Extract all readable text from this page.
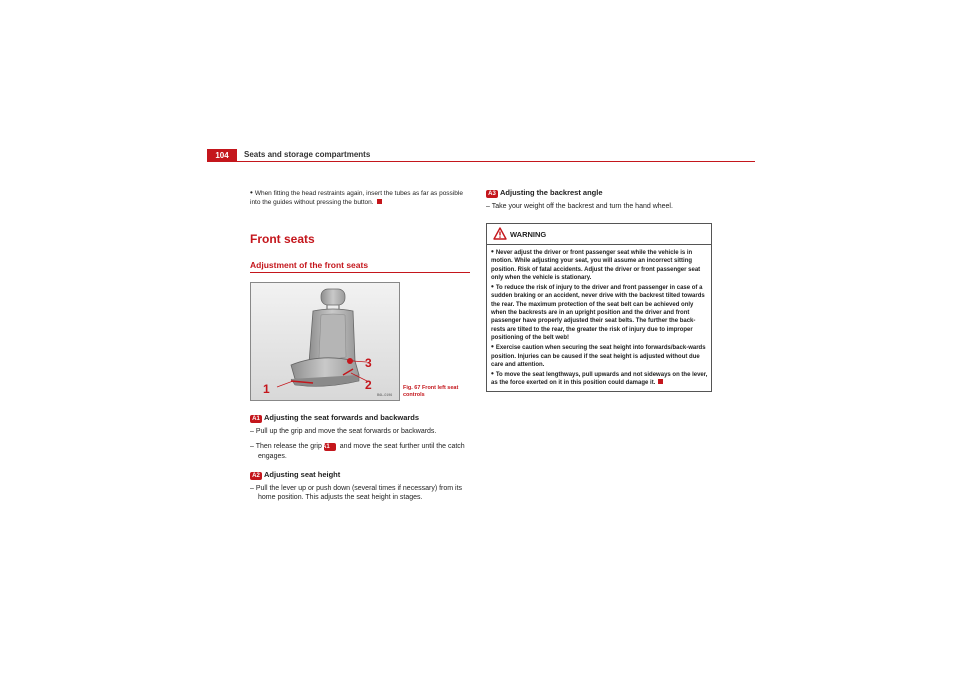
104	Seats and storage compartments
• When fitting the head restraints again, insert the tubes as far as possible into the guides without pressing the button.
Front seats
Adjustment of the front seats
1	2
3
B6L-0196
Fig. 67 Front left seat controls
A1 Adjusting the seat forwards and backwards
– Pull up the grip and move the seat forwards or backwards.
– Then release the grip A1 and move the seat further until the catch engages.
A2 Adjusting seat height
– Pull the lever up or push down (several times if necessary) from its home position. This adjusts the seat height in stages.
A3 Adjusting the backrest angle
– Take your weight off the backrest and turn the hand wheel.
WARNING

• Never adjust the driver or front passenger seat while the vehicle is in motion. While adjusting your seat, you will assume an incorrect sitting position. Risk of fatal accidents. Adjust the driver or front passenger seat only when the vehicle is stationary.

• To reduce the risk of injury to the driver and front passenger in case of a sudden braking or an accident, never drive with the backrest tilted towards the rear. The maximum protection of the seat belt can be achieved only when the backrests are in an upright position and the driver and front passenger have properly adjusted their seat belts. The further the back-rests are tilted to the rear, the greater the risk of injury due to improper positioning of the belt web!

• Exercise caution when securing the seat height into forwards/back-wards position. Injuries can be caused if the seat height is adjusted without due care and attention.

• To move the seat lengthways, pull upwards and not sideways on the lever, as the force exerted on it in this position could damage it.
